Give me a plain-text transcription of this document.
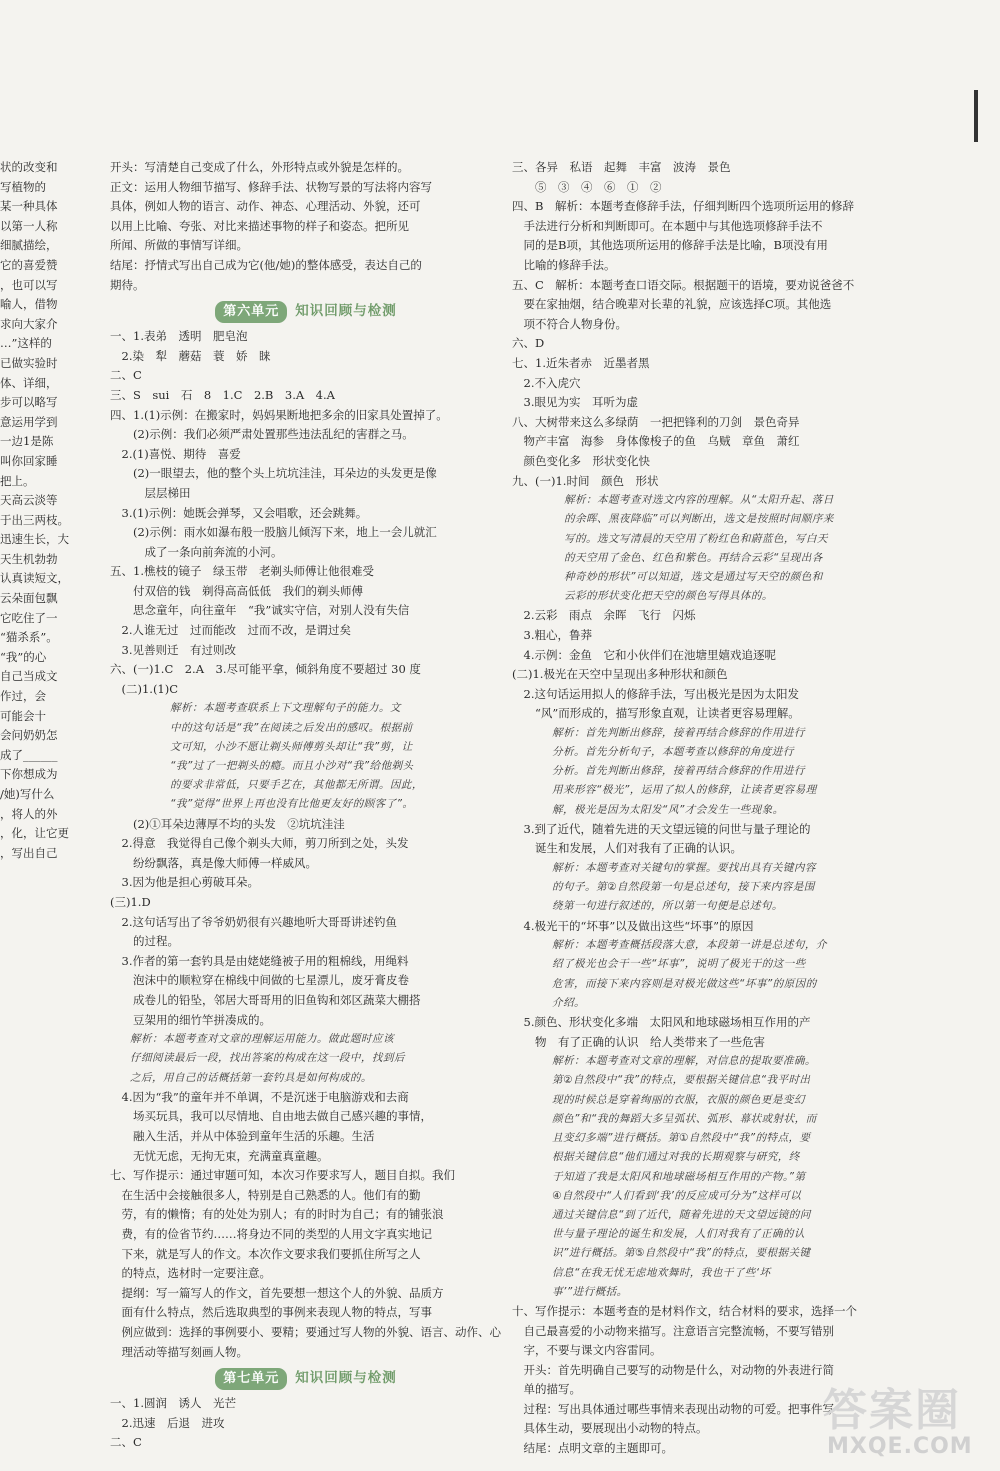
状的改变和

写植物的

某一种具体

以第一人称

细腻描绘，

它的喜爱赞

，也可以写

喻人，借物

求向大家介

…”这样的

已做实验时

体、详细，

步可以略写

意运用学到

一边1是陈

叫你回家睡

把上。

天高云淡等

于出三两枝。

迅速生长，大

天生机勃勃

认真读短文，

云朵面包飘

它吃住了一

“猫杀系”。

“我”的心

自己当成文

作过，会

可能会十

会问奶奶怎

成了______

下你想成为

/她)写什么

，将人的外

，化，让它更

，写出自己

开头：写清楚自己变成了什么，外形特点或外貌是怎样的。

正文：运用人物细节描写、修辞手法、状物写景的写法将内容写

具体，例如人物的语言、动作、神态、心理活动、外貌，还可

以用上比喻、夸张、对比来描述事物的样子和姿态。把所见

所闻、所做的事情写详细。

结尾：抒情式写出自己成为它(他/她)的整体感受，表达自己的

期待。

第六单元	知识回顾与检测

一、1.表弟　透明　肥皂泡

　2.染　犁　蘑菇　蓑　娇　睐

二、C

三、S　sui　石　8　1.C　2.B　3.A　4.A

四、1.(1)示例：在搬家时，妈妈果断地把多余的旧家具处置掉了。

　　(2)示例：我们必须严肃处置那些违法乱纪的害群之马。

　2.(1)喜悦、期待　喜爱

　　(2)一眼望去，他的整个头上坑坑洼洼，耳朵边的头发更是像

　　　层层梯田

　3.(1)示例：她既会弹琴，又会唱歌，还会跳舞。

　　(2)示例：雨水如瀑布般一股脑儿倾泻下来，地上一会儿就汇

　　　成了一条向前奔流的小河。

五、1.樵枝的镜子　绿玉带　老剃头师傅让他很难受

　　付双倍的钱　剃得高高低低　我们的剃头师傅

　　思念童年，向往童年　“我”诚实守信，对别人没有失信

　2.人谁无过　过而能改　过而不改，是谓过矣

　3.见善则迁　有过则改

六、(一)1.C　2.A　3.尽可能平拿，倾斜角度不要超过 30 度

　(二)1.(1)C

解析：本题考查联系上下文理解句子的能力。文

中的这句话是“我”在阅读之后发出的感叹。根据前

文可知，小沙不愿让剃头师傅剪头却让“我”剪，让

“我”过了一把剃头的瘾。而且小沙对“我”给他剃头

的要求非常低，只要手艺在，其他都无所谓。因此，

“我”觉得“世界上再也没有比他更友好的顾客了”。

　　(2)①耳朵边薄厚不均的头发　②坑坑洼洼

　2.得意　我觉得自己像个剃头大师，剪刀所到之处，头发

　　纷纷飘落，真是像大师傅一样威风。

　3.因为他是担心剪破耳朵。

(三)1.D

　2.这句话写出了爷爷奶奶很有兴趣地听大哥哥讲述钓鱼

　　的过程。

　3.作者的第一套钓具是由姥姥缝被子用的粗棉线，用绳料

　　泡沫中的顺粒穿在棉线中间做的七星漂儿，废牙膏皮卷

　　成卷儿的铅坠，邻居大哥哥用的旧鱼钩和郊区蔬菜大棚搭

　　豆架用的细竹竿拼凑成的。

解析：本题考查对文章的理解运用能力。做此题时应该

仔细阅读最后一段，找出答案的构成在这一段中，找到后

之后，用自己的话概括第一套钓具是如何构成的。

　4.因为“我”的童年并不单调，不是沉迷于电脑游戏和去商

　　场买玩具，我可以尽情地、自由地去做自己感兴趣的事情，

　　融入生活，并从中体验到童年生活的乐趣。生活

　　无忧无虑，无拘无束，充满童真童趣。

七、写作提示：通过审题可知，本次习作要求写人，题目自拟。我们

　在生活中会接触很多人，特别是自己熟悉的人。他们有的勤

　劳，有的懒惰；有的处处为别人；有的时时为自己；有的铺张浪

　费，有的俭省节约……将身边不同的类型的人用文字真实地记

　下来，就是写人的作文。本次作文要求我们要抓住所写之人

　的特点，选材时一定要注意。

　提纲：写一篇写人的作文，首先要想一想这个人的外貌、品质方

　面有什么特点，然后选取典型的事例来表现人物的特点，写事

　例应做到：选择的事例要小、要精；要通过写人物的外貌、语言、动作、心

　理活动等描写刻画人物。

第七单元	知识回顾与检测

一、1.圆润　诱人　光芒

　2.迅速　后退　进攻

二、C

三、各异　私语　起舞　丰富　波涛　景色

　　⑤　③　④　⑥　①　②

四、B　解析：本题考查修辞手法，仔细判断四个选项所运用的修辞

　手法进行分析和判断即可。在本题中与其他选项修辞手法不

　同的是B项，其他选项所运用的修辞手法是比喻，B项没有用

　比喻的修辞手法。

五、C　解析：本题考查口语交际。根据题干的语境，要劝说爸爸不

　要在家抽烟，结合晚辈对长辈的礼貌，应该选择C项。其他选

　项不符合人物身份。

六、D

七、1.近朱者赤　近墨者黑

　2.不入虎穴

　3.眼见为实　耳听为虚

八、大树带来这么多绿荫　一把把锋利的刀剑　景色奇异

　物产丰富　海参　身体像梭子的鱼　乌贼　章鱼　萧红

　颜色变化多　形状变化快

九、(一)1.时间　颜色　形状

解析：本题考查对选文内容的理解。从“太阳升起、落日

的余晖、黑夜降临”可以判断出，选文是按照时间顺序来

写的。选文写清晨的天空用了粉红色和蔚蓝色，写白天

的天空用了金色、红色和紫色。再结合云彩“呈现出各

种奇妙的形状”可以知道，选文是通过写天空的颜色和

云彩的形状变化把天空的颜色写得具体的。

　2.云彩　雨点　余晖　飞行　闪烁

　3.粗心，鲁莽

　4.示例：金鱼　它和小伙伴们在池塘里嬉戏追逐呢

(二)1.极光在天空中呈现出多种形状和颜色

　2.这句话运用拟人的修辞手法，写出极光是因为太阳发

　　“风”而形成的，描写形象直观，让读者更容易理解。

解析：首先判断出修辞，接着再结合修辞的作用进行

分析。首先分析句子，本题考查以修辞的角度进行

分析。首先判断出修辞，接着再结合修辞的作用进行

用来形容“极光”，运用了拟人的修辞，让读者更容易理

解，极光是因为太阳发“风”才会发生一些现象。

　3.到了近代，随着先进的天文望远镜的问世与量子理论的

　　诞生和发展，人们对我有了正确的认识。

解析：本题考查对关键句的掌握。要找出具有关键内容

的句子。第②自然段第一句是总述句，接下来内容是围

绕第一句进行叙述的，所以第一句便是总述句。

　4.极光干的“坏事”以及做出这些“坏事”的原因

解析：本题考查概括段落大意，本段第一讲是总述句，介

绍了极光也会干一些“坏事”，说明了极光干的这一些

危害，而接下来内容则是对极光做这些“坏事”的原因的

介绍。

　5.颜色、形状变化多端　太阳风和地球磁场相互作用的产

　　物　有了正确的认识　给人类带来了一些危害

解析：本题考查对文章的理解，对信息的提取要准确。

第②自然段中“我”的特点，要根据关键信息“我平时出

现的时候总是穿着绚丽的衣服，衣服的颜色更是变幻

颜色”和“我的舞蹈大多呈弧状、弧形、幕状或射状，而

且变幻多端”进行概括。第①自然段中“我”的特点，要

根据关键信息“他们通过对我的长期观察与研究，终

于知道了我是太阳风和地球磁场相互作用的产物。”第

④自然段中“人们看到‘我’的反应成可分为”这样可以

通过关键信息“到了近代，随着先进的天文望远镜的问

世与量子理论的诞生和发展，人们对我有了正确的认

识”进行概括。第⑤自然段中“我”的特点，要根据关键

信息“在我无忧无虑地欢舞时，我也干了些‘坏

事’”进行概括。

十、写作提示：本题考查的是材料作文，结合材料的要求，选择一个

　自己最喜爱的小动物来描写。注意语言完整流畅，不要写错别

　字，不要与课文内容雷同。

　开头：首先明确自己要写的动物是什么，对动物的外表进行简

　单的描写。

　过程：写出具体通过哪些事情来表现出动物的可爱。把事件写

　具体生动，要展现出小动物的特点。

　结尾：点明文章的主题即可。

答案圈
MXQE.COM
